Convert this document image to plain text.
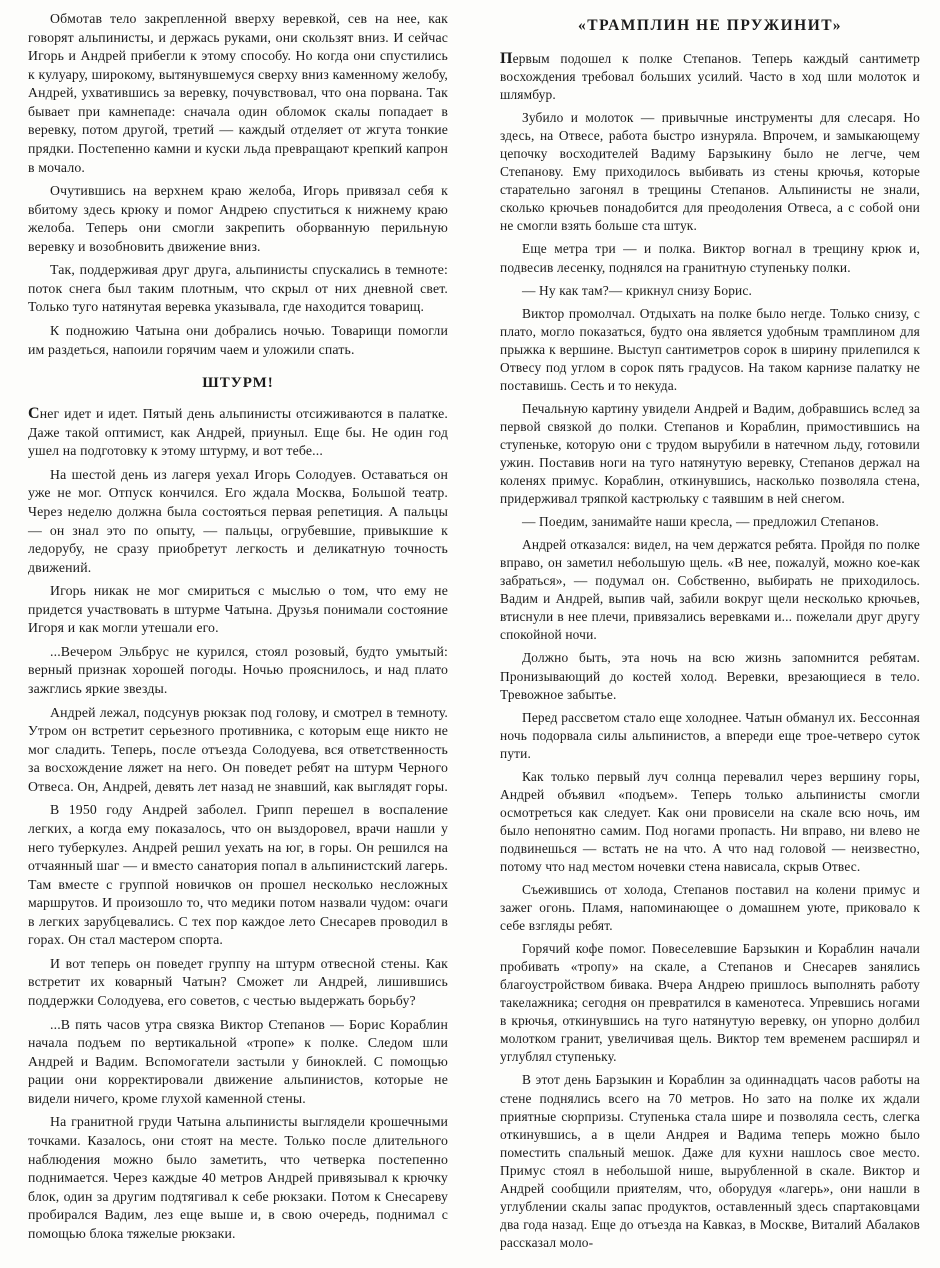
Обмотав тело закрепленной вверху веревкой, сев на нее, как говорят альпинисты, и держась руками, они скользят вниз. И сейчас Игорь и Андрей прибегли к этому способу. Но когда они спустились к кулуару, широкому, вытянувшемуся сверху вниз каменному желобу, Андрей, ухватившись за веревку, почувствовал, что она порвана. Так бывает при камнепаде: сначала один обломок скалы попадает в веревку, потом другой, третий — каждый отделяет от жгута тонкие прядки. Постепенно камни и куски льда превращают крепкий капрон в мочало.

Очутившись на верхнем краю желоба, Игорь привязал себя к вбитому здесь крюку и помог Андрею спуститься к нижнему краю желоба. Теперь они смогли закрепить оборванную перильную веревку и возобновить движение вниз.

Так, поддерживая друг друга, альпинисты спускались в темноте: поток снега был таким плотным, что скрыл от них дневной свет. Только туго натянутая веревка указывала, где находится товарищ.

К подножию Чатына они добрались ночью. Товарищи помогли им раздеться, напоили горячим чаем и уложили спать.

ШТУРМ!

Снег идет и идет. Пятый день альпинисты отсиживаются в палатке. Даже такой оптимист, как Андрей, приуныл. Еще бы. Не один год ушел на подготовку к этому штурму, и вот тебе...

На шестой день из лагеря уехал Игорь Солодуев. Оставаться он уже не мог. Отпуск кончился. Его ждала Москва, Большой театр. Через неделю должна была состояться первая репетиция. А пальцы — он знал это по опыту, — пальцы, огрубевшие, привыкшие к ледорубу, не сразу приобретут легкость и деликатную точность движений.

Игорь никак не мог смириться с мыслью о том, что ему не придется участвовать в штурме Чатына. Друзья понимали состояние Игоря и как могли утешали его.

...Вечером Эльбрус не курился, стоял розовый, будто умытый: верный признак хорошей погоды. Ночью прояснилось, и над плато зажглись яркие звезды.

Андрей лежал, подсунув рюкзак под голову, и смотрел в темноту. Утром он встретит серьезного противника, с которым еще никто не мог сладить. Теперь, после отъезда Солодуева, вся ответственность за восхождение ляжет на него. Он поведет ребят на штурм Черного Отвеса. Он, Андрей, девять лет назад не знавший, как выглядят горы.

В 1950 году Андрей заболел. Грипп перешел в воспаление легких, а когда ему показалось, что он выздоровел, врачи нашли у него туберкулез. Андрей решил уехать на юг, в горы. Он решился на отчаянный шаг — и вместо санатория попал в альпинистский лагерь. Там вместе с группой новичков он прошел несколько несложных маршрутов. И произошло то, что медики потом назвали чудом: очаги в легких зарубцевались. С тех пор каждое лето Снесарев проводил в горах. Он стал мастером спорта.

И вот теперь он поведет группу на штурм отвесной стены. Как встретит их коварный Чатын? Сможет ли Андрей, лишившись поддержки Солодуева, его советов, с честью выдержать борьбу?

...В пять часов утра связка Виктор Степанов — Борис Кораблин начала подъем по вертикальной «тропе» к полке. Следом шли Андрей и Вадим. Вспомогатели застыли у биноклей. С помощью рации они корректировали движение альпинистов, которые не видели ничего, кроме глухой каменной стены.

На гранитной груди Чатына альпинисты выглядели крошечными точками. Казалось, они стоят на месте. Только после длительного наблюдения можно было заметить, что четверка постепенно поднимается. Через каждые 40 метров Андрей привязывал к крючку блок, один за другим подтягивал к себе рюкзаки. Потом к Снесареву пробирался Вадим, лез еще выше и, в свою очередь, поднимал с помощью блока тяжелые рюкзаки.

«ТРАМПЛИН НЕ ПРУЖИНИТ»

Первым подошел к полке Степанов. Теперь каждый сантиметр восхождения требовал больших усилий. Часто в ход шли молоток и шлямбур.

Зубило и молоток — привычные инструменты для слесаря. Но здесь, на Отвесе, работа быстро изнуряла. Впрочем, и замыкающему цепочку восходителей Вадиму Барзыкину было не легче, чем Степанову. Ему приходилось выбивать из стены крючья, которые старательно загонял в трещины Степанов. Альпинисты не знали, сколько крючьев понадобится для преодоления Отвеса, а с собой они не смогли взять больше ста штук.

Еще метра три — и полка. Виктор вогнал в трещину крюк и, подвесив лесенку, поднялся на гранитную ступеньку полки.

— Ну как там?— крикнул снизу Борис.

Виктор промолчал. Отдыхать на полке было негде. Только снизу, с плато, могло показаться, будто она является удобным трамплином для прыжка к вершине. Выступ сантиметров сорок в ширину прилепился к Отвесу под углом в сорок пять градусов. На таком карнизе палатку не поставишь. Сесть и то некуда.

Печальную картину увидели Андрей и Вадим, добравшись вслед за первой связкой до полки. Степанов и Кораблин, примостившись на ступеньке, которую они с трудом вырубили в натечном льду, готовили ужин. Поставив ноги на туго натянутую веревку, Степанов держал на коленях примус. Кораблин, откинувшись, насколько позволяла стена, придерживал тряпкой кастрюльку с таявшим в ней снегом.

— Поедим, занимайте наши кресла, — предложил Степанов.

Андрей отказался: видел, на чем держатся ребята. Пройдя по полке вправо, он заметил небольшую щель. «В нее, пожалуй, можно кое-как забраться», — подумал он. Собственно, выбирать не приходилось. Вадим и Андрей, выпив чай, забили вокруг щели несколько крючьев, втиснули в нее плечи, привязались веревками и... пожелали друг другу спокойной ночи.

Должно быть, эта ночь на всю жизнь запомнится ребятам. Пронизывающий до костей холод. Веревки, врезающиеся в тело. Тревожное забытье.

Перед рассветом стало еще холоднее. Чатын обманул их. Бессонная ночь подорвала силы альпинистов, а впереди еще трое-четверо суток пути.

Как только первый луч солнца перевалил через вершину горы, Андрей объявил «подъем». Теперь только альпинисты смогли осмотреться как следует. Как они провисели на скале всю ночь, им было непонятно самим. Под ногами пропасть. Ни вправо, ни влево не подвинешься — встать не на что. А что над головой — неизвестно, потому что над местом ночевки стена нависала, скрыв Отвес.

Съежившись от холода, Степанов поставил на колени примус и зажег огонь. Пламя, напоминающее о домашнем уюте, приковало к себе взгляды ребят.

Горячий кофе помог. Повеселевшие Барзыкин и Кораблин начали пробивать «тропу» на скале, а Степанов и Снесарев занялись благоустройством бивака. Вчера Андрею пришлось выполнять работу такелажника; сегодня он превратился в каменотеса. Упревшись ногами в крючья, откинувшись на туго натянутую веревку, он упорно долбил молотком гранит, увеличивая щель. Виктор тем временем расширял и углублял ступеньку.

В этот день Барзыкин и Кораблин за одиннадцать часов работы на стене поднялись всего на 70 метров. Но зато на полке их ждали приятные сюрпризы. Ступенька стала шире и позволяла сесть, слегка откинувшись, а в щели Андрея и Вадима теперь можно было поместить спальный мешок. Даже для кухни нашлось свое место. Примус стоял в небольшой нише, вырубленной в скале. Виктор и Андрей сообщили приятелям, что, оборудуя «лагерь», они нашли в углублении скалы запас продуктов, оставленный здесь спартаковцами два года назад. Еще до отъезда на Кавказ, в Москве, Виталий Абалаков рассказал моло-
